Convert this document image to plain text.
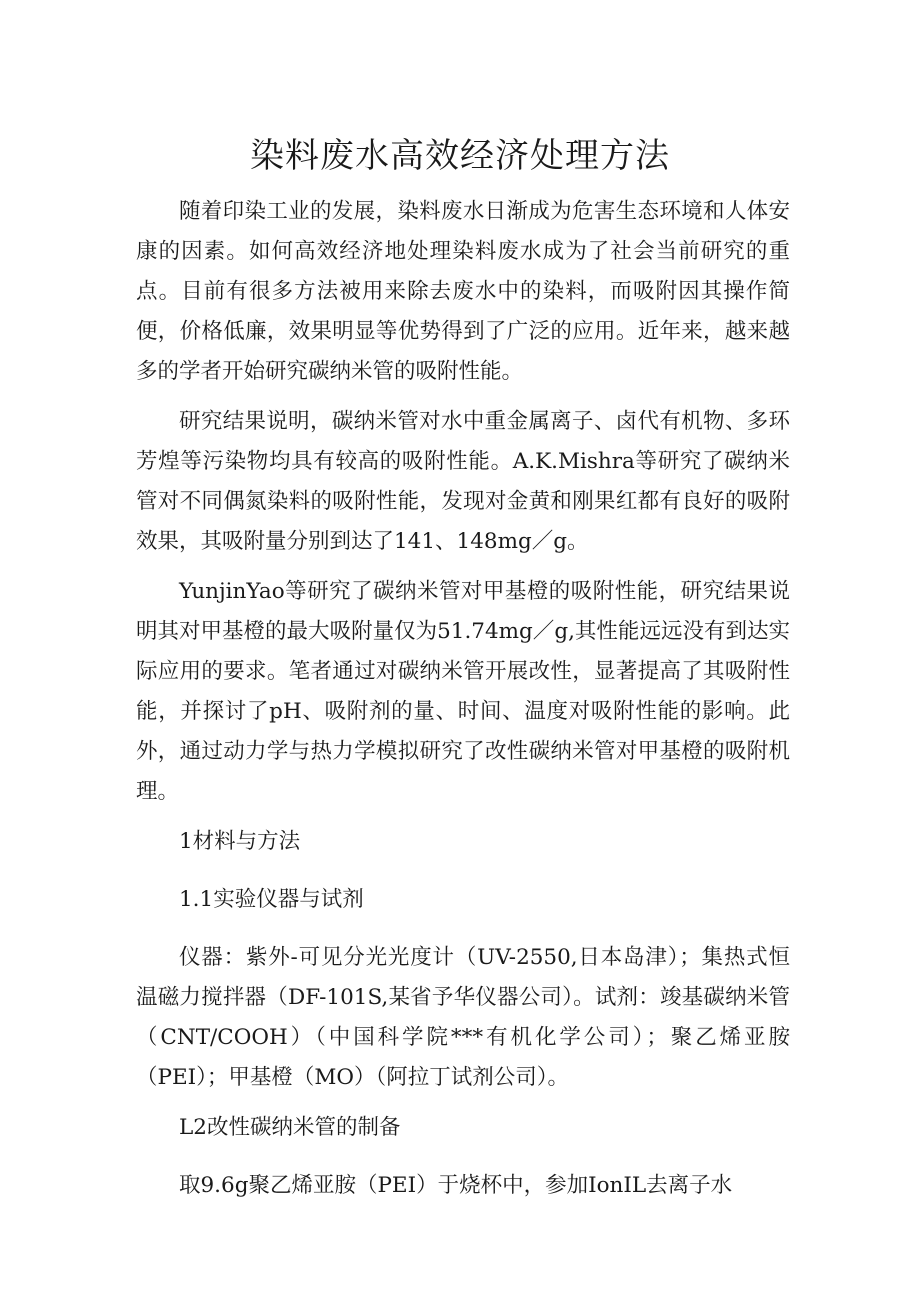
染料废水高效经济处理方法

随着印染工业的发展，染料废水日渐成为危害生态环境和人体安康的因素。如何高效经济地处理染料废水成为了社会当前研究的重点。目前有很多方法被用来除去废水中的染料，而吸附因其操作简便，价格低廉，效果明显等优势得到了广泛的应用。近年来，越来越多的学者开始研究碳纳米管的吸附性能。

研究结果说明，碳纳米管对水中重金属离子、卤代有机物、多环芳煌等污染物均具有较高的吸附性能。A.K.Mishra等研究了碳纳米管对不同偶氮染料的吸附性能，发现对金黄和刚果红都有良好的吸附效果，其吸附量分别到达了141、148mg／g。

YunjinYao等研究了碳纳米管对甲基橙的吸附性能，研究结果说明其对甲基橙的最大吸附量仅为51.74mg／g,其性能远远没有到达实际应用的要求。笔者通过对碳纳米管开展改性，显著提高了其吸附性能，并探讨了pH、吸附剂的量、时间、温度对吸附性能的影响。此外，通过动力学与热力学模拟研究了改性碳纳米管对甲基橙的吸附机理。

1材料与方法

1.1实验仪器与试剂

仪器：紫外-可见分光光度计（UV-2550,日本岛津）；集热式恒温磁力搅拌器（DF-101S,某省予华仪器公司）。试剂：竣基碳纳米管（CNT/COOH）（中国科学院***有机化学公司）；聚乙烯亚胺（PEI）；甲基橙（MO）（阿拉丁试剂公司）。

L2改性碳纳米管的制备

取9.6g聚乙烯亚胺（PEI）于烧杯中，参加IonIL去离子水
